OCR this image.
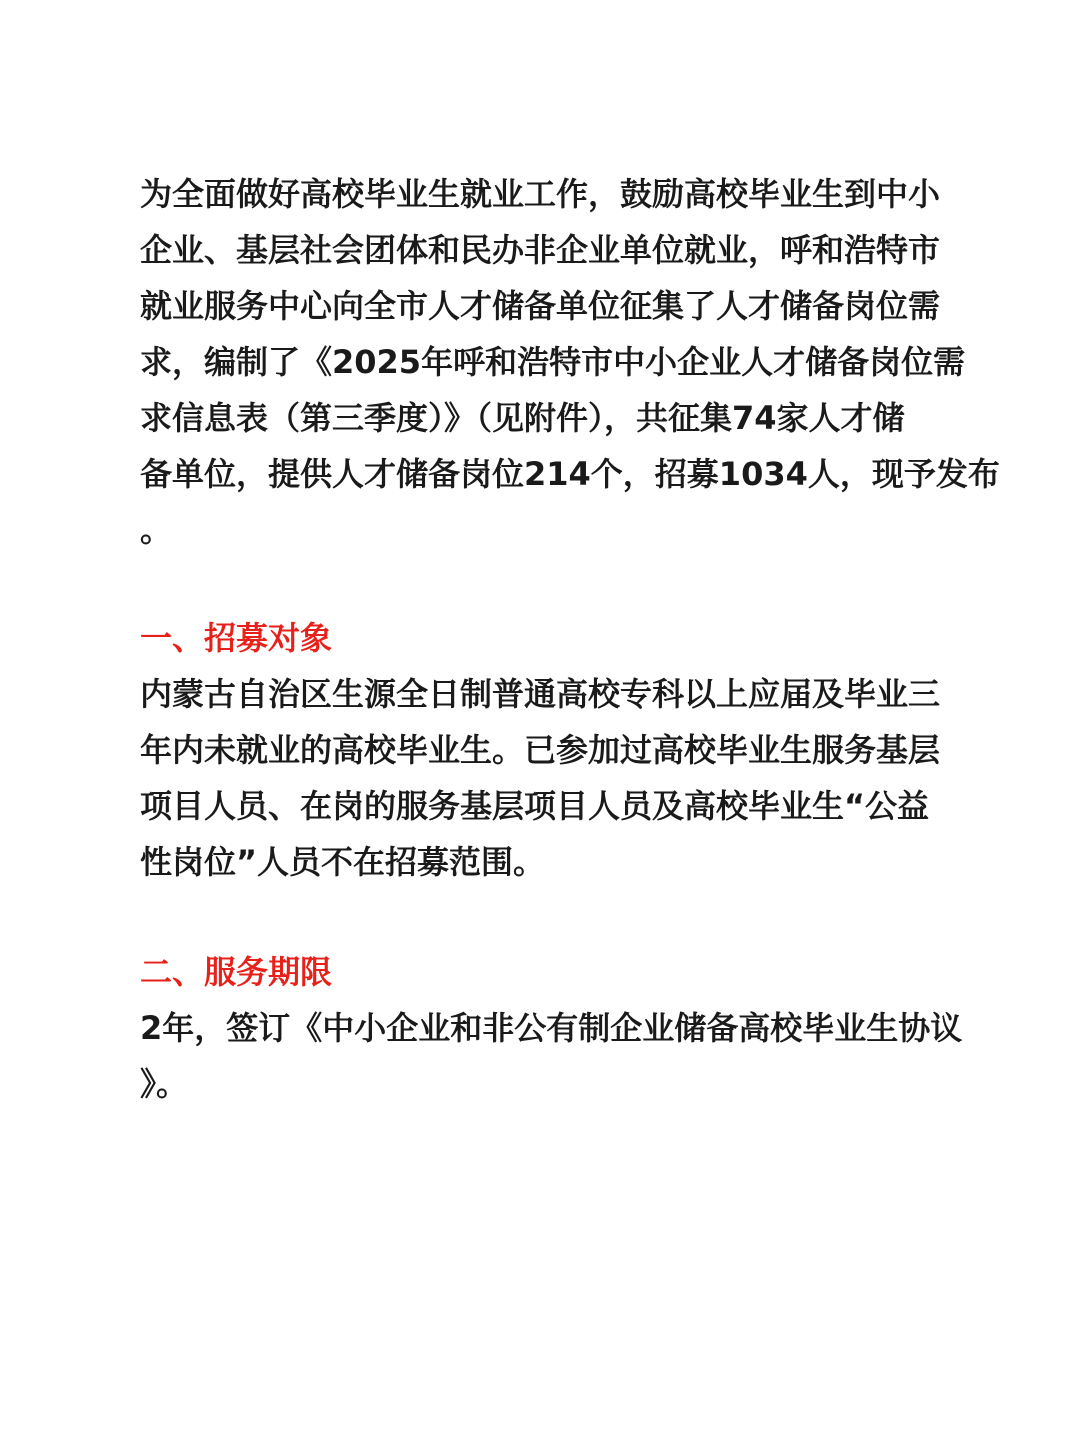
为全面做好高校毕业生就业工作，鼓励高校毕业生到中小

企业、基层社会团体和民办非企业单位就业，呼和浩特市

就业服务中心向全市人才储备单位征集了人才储备岗位需

求，编制了《2025年呼和浩特市中小企业人才储备岗位需

求信息表（第三季度）》（见附件），共征集74家人才储

备单位，提供人才储备岗位214个，招募1034人，现予发布

。

一、招募对象

内蒙古自治区生源全日制普通高校专科以上应届及毕业三

年内未就业的高校毕业生。已参加过高校毕业生服务基层

项目人员、在岗的服务基层项目人员及高校毕业生“公益

性岗位”人员不在招募范围。

二、服务期限

2年，签订《中小企业和非公有制企业储备高校毕业生协议

》。
